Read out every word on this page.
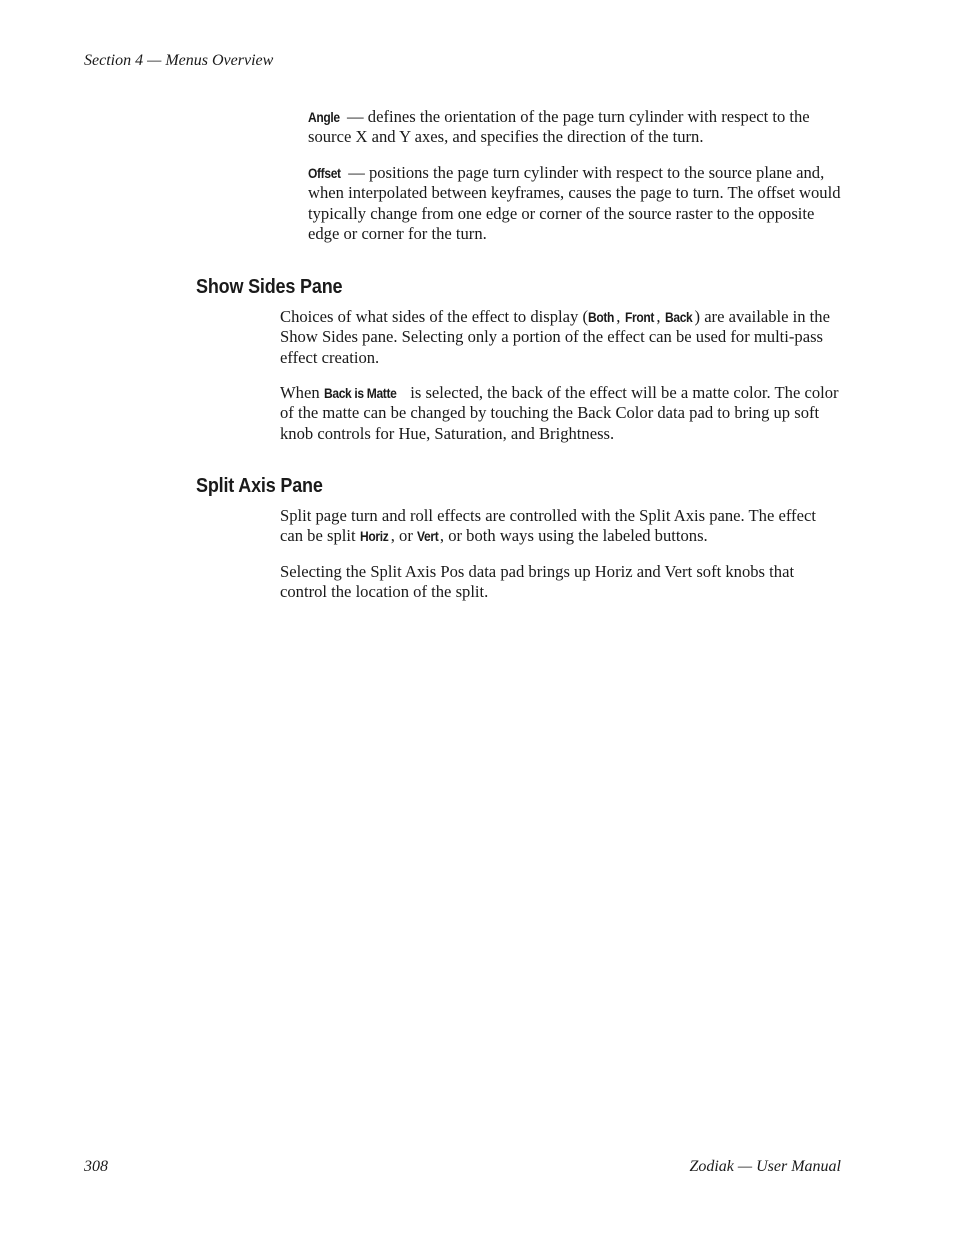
Section 4 — Menus Overview

Angle — defines the orientation of the page turn cylinder with respect to the source X and Y axes, and specifies the direction of the turn.

Offset — positions the page turn cylinder with respect to the source plane and, when interpolated between keyframes, causes the page to turn. The offset would typically change from one edge or corner of the source raster to the opposite edge or corner for the turn.

Show Sides Pane

Choices of what sides of the effect to display (Both , Front , Back ) are available in the Show Sides pane. Selecting only a portion of the effect can be used for multi-pass effect creation.

When Back is Matte is selected, the back of the effect will be a matte color. The color of the matte can be changed by touching the Back Color data pad to bring up soft knob controls for Hue, Saturation, and Brightness.

Split Axis Pane

Split page turn and roll effects are controlled with the Split Axis pane. The effect can be split Horiz , or Vert, or both ways using the labeled buttons.

Selecting the Split Axis Pos data pad brings up Horiz and Vert soft knobs that control the location of the split.

308	Zodiak — User Manual
